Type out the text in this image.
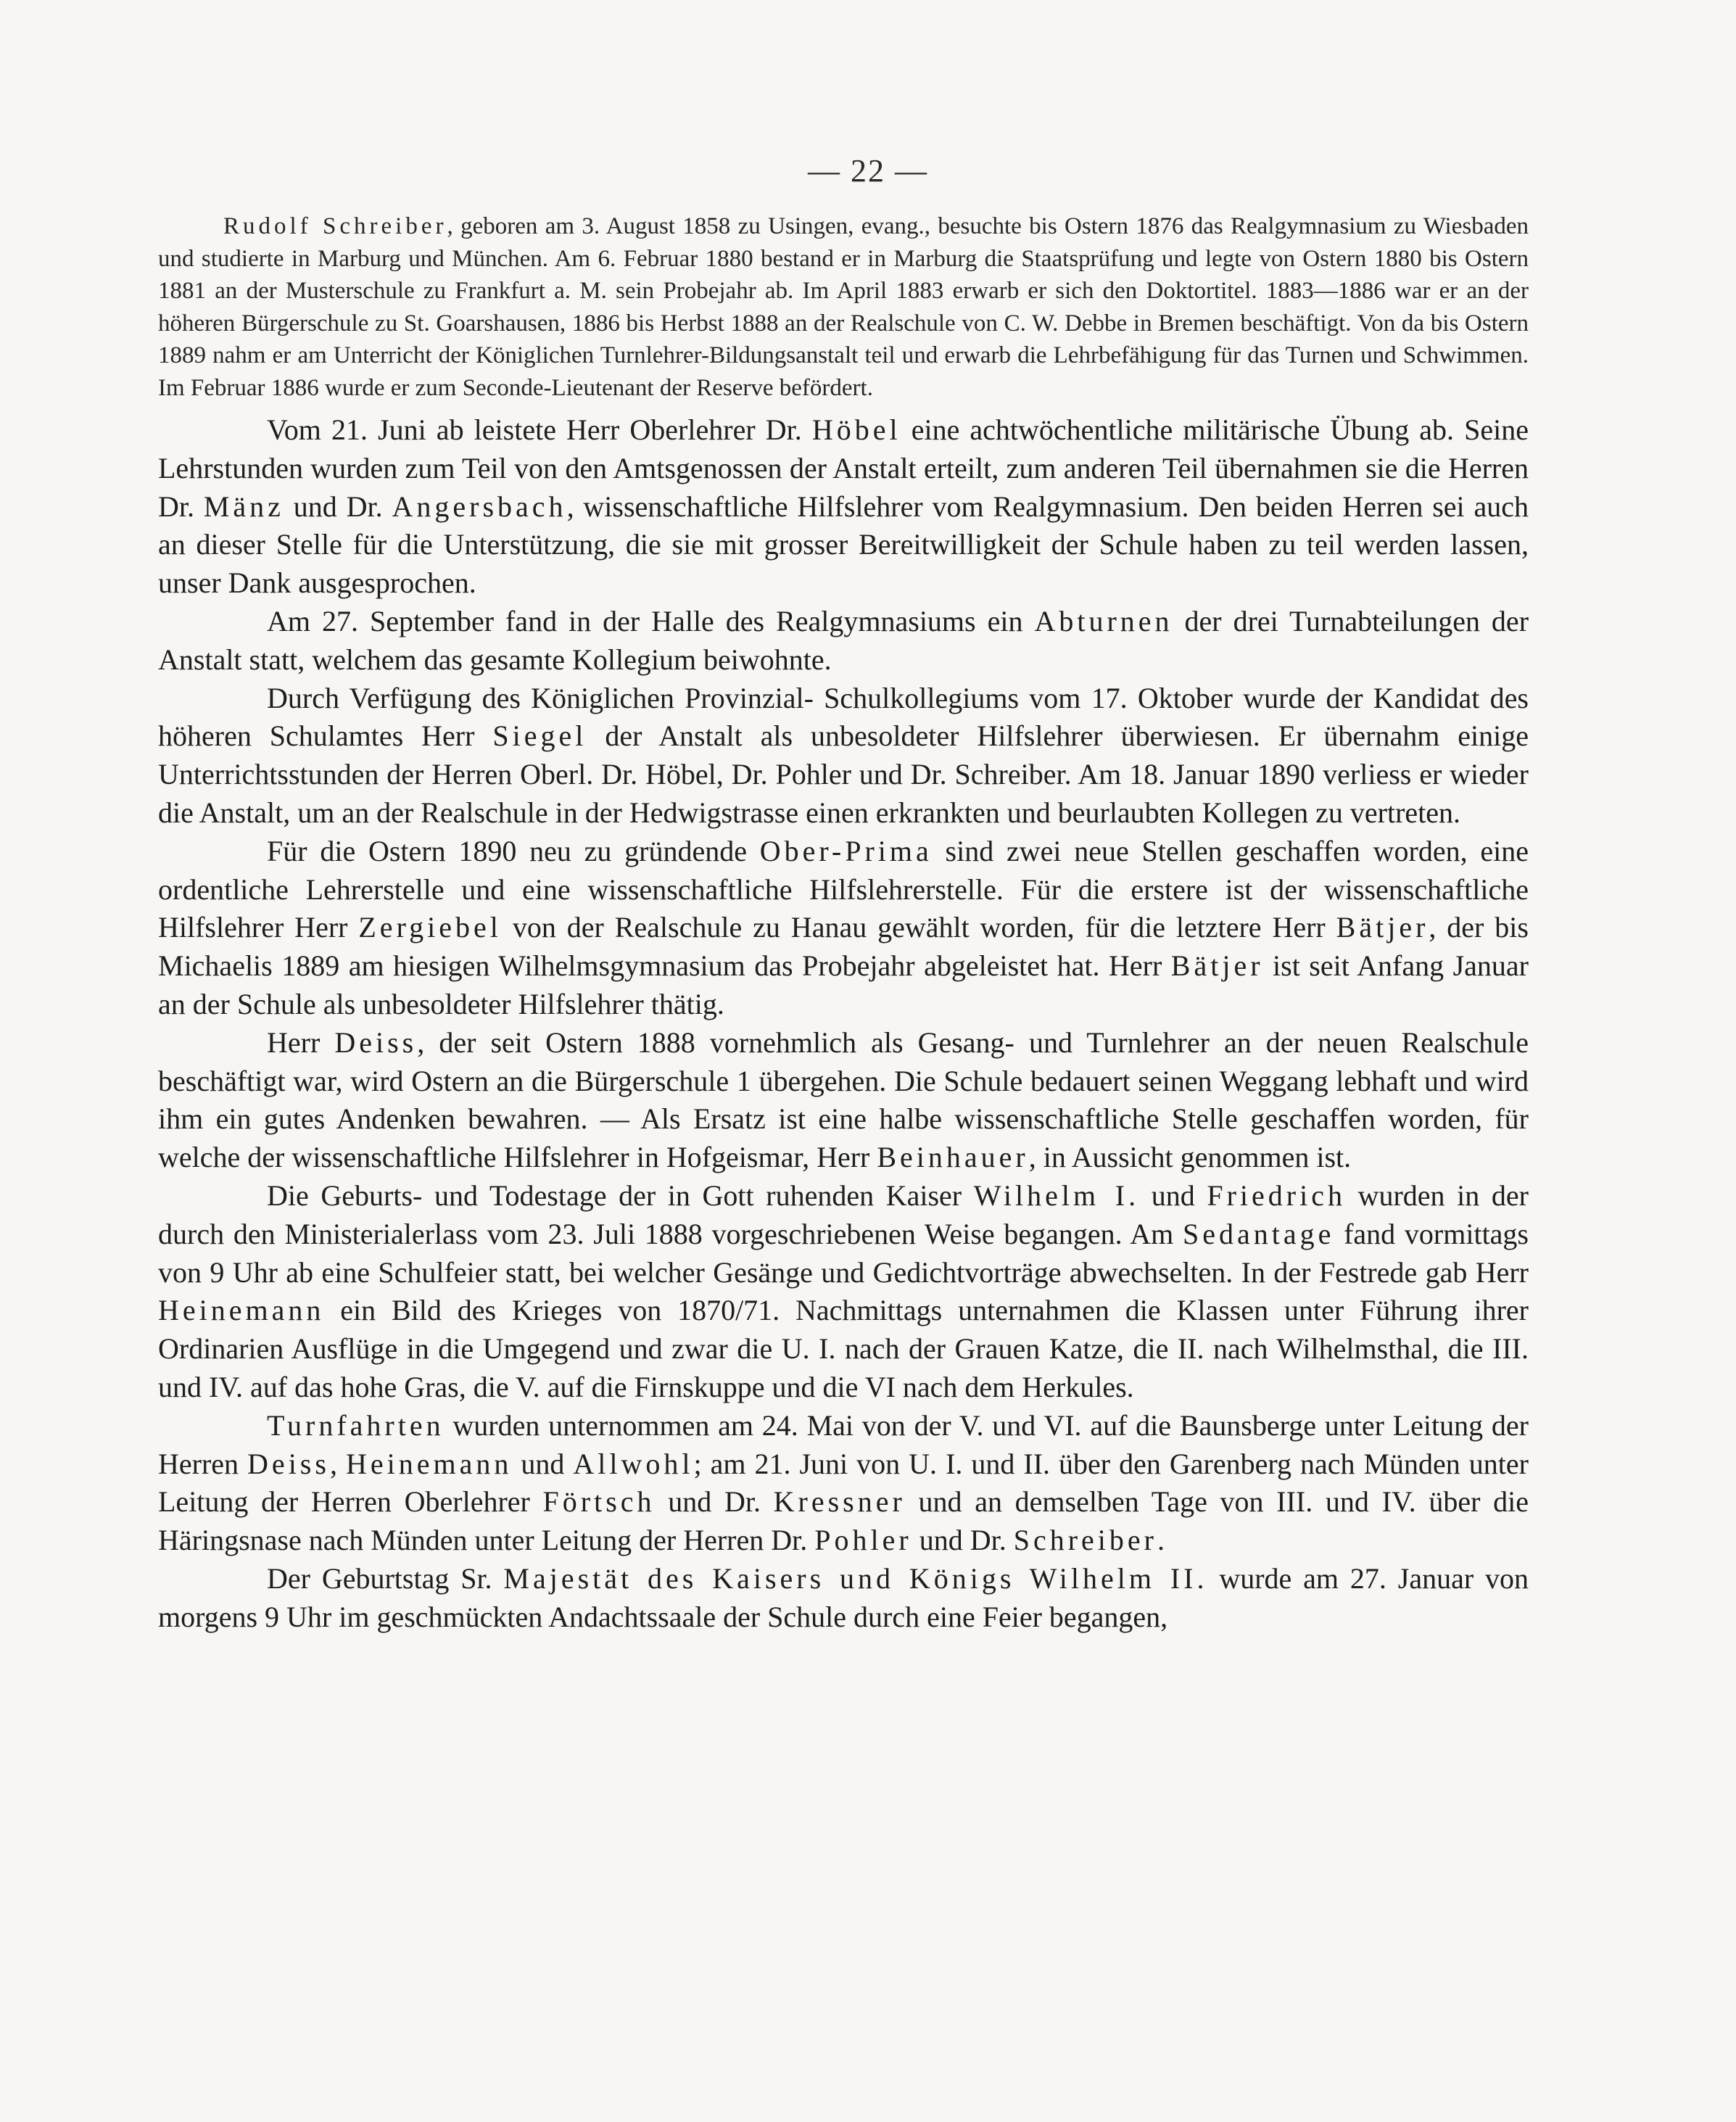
— 22 —

Rudolf Schreiber, geboren am 3. August 1858 zu Usingen, evang., besuchte bis Ostern 1876 das Realgymnasium zu Wiesbaden und studierte in Marburg und München. Am 6. Februar 1880 bestand er in Marburg die Staatsprüfung und legte von Ostern 1880 bis Ostern 1881 an der Musterschule zu Frankfurt a. M. sein Probejahr ab. Im April 1883 erwarb er sich den Doktortitel. 1883—1886 war er an der höheren Bürgerschule zu St. Goarshausen, 1886 bis Herbst 1888 an der Realschule von C. W. Debbe in Bremen beschäftigt. Von da bis Ostern 1889 nahm er am Unterricht der Königlichen Turnlehrer-Bildungsanstalt teil und erwarb die Lehrbefähigung für das Turnen und Schwimmen. Im Februar 1886 wurde er zum Seconde-Lieutenant der Reserve befördert.

Vom 21. Juni ab leistete Herr Oberlehrer Dr. Höbel eine achtwöchentliche militärische Übung ab. Seine Lehrstunden wurden zum Teil von den Amtsgenossen der Anstalt erteilt, zum anderen Teil übernahmen sie die Herren Dr. Mänz und Dr. Angersbach, wissenschaftliche Hilfslehrer vom Realgymnasium. Den beiden Herren sei auch an dieser Stelle für die Unterstützung, die sie mit grosser Bereitwilligkeit der Schule haben zu teil werden lassen, unser Dank ausgesprochen.

Am 27. September fand in der Halle des Realgymnasiums ein Abturnen der drei Turnabteilungen der Anstalt statt, welchem das gesamte Kollegium beiwohnte.

Durch Verfügung des Königlichen Provinzial- Schulkollegiums vom 17. Oktober wurde der Kandidat des höheren Schulamtes Herr Siegel der Anstalt als unbesoldeter Hilfslehrer überwiesen. Er übernahm einige Unterrichtsstunden der Herren Oberl. Dr. Höbel, Dr. Pohler und Dr. Schreiber. Am 18. Januar 1890 verliess er wieder die Anstalt, um an der Realschule in der Hedwigstrasse einen erkrankten und beurlaubten Kollegen zu vertreten.

Für die Ostern 1890 neu zu gründende Ober-Prima sind zwei neue Stellen geschaffen worden, eine ordentliche Lehrerstelle und eine wissenschaftliche Hilfslehrerstelle. Für die erstere ist der wissenschaftliche Hilfslehrer Herr Zergiebel von der Realschule zu Hanau gewählt worden, für die letztere Herr Bätjer, der bis Michaelis 1889 am hiesigen Wilhelmsgymnasium das Probejahr abgeleistet hat. Herr Bätjer ist seit Anfang Januar an der Schule als unbesoldeter Hilfslehrer thätig.

Herr Deiss, der seit Ostern 1888 vornehmlich als Gesang- und Turnlehrer an der neuen Realschule beschäftigt war, wird Ostern an die Bürgerschule 1 übergehen. Die Schule bedauert seinen Weggang lebhaft und wird ihm ein gutes Andenken bewahren. — Als Ersatz ist eine halbe wissenschaftliche Stelle geschaffen worden, für welche der wissenschaftliche Hilfslehrer in Hofgeismar, Herr Beinhauer, in Aussicht genommen ist.

Die Geburts- und Todestage der in Gott ruhenden Kaiser Wilhelm I. und Friedrich wurden in der durch den Ministerialerlass vom 23. Juli 1888 vorgeschriebenen Weise begangen. Am Sedantage fand vormittags von 9 Uhr ab eine Schulfeier statt, bei welcher Gesänge und Gedichtvorträge abwechselten. In der Festrede gab Herr Heinemann ein Bild des Krieges von 1870/71. Nachmittags unternahmen die Klassen unter Führung ihrer Ordinarien Ausflüge in die Umgegend und zwar die U. I. nach der Grauen Katze, die II. nach Wilhelmsthal, die III. und IV. auf das hohe Gras, die V. auf die Firnskuppe und die VI nach dem Herkules.

Turnfahrten wurden unternommen am 24. Mai von der V. und VI. auf die Baunsberge unter Leitung der Herren Deiss, Heinemann und Allwohl; am 21. Juni von U. I. und II. über den Garenberg nach Münden unter Leitung der Herren Oberlehrer Förtsch und Dr. Kressner und an demselben Tage von III. und IV. über die Häringsnase nach Münden unter Leitung der Herren Dr. Pohler und Dr. Schreiber.

Der Geburtstag Sr. Majestät des Kaisers und Königs Wilhelm II. wurde am 27. Januar von morgens 9 Uhr im geschmückten Andachtssaale der Schule durch eine Feier begangen,
